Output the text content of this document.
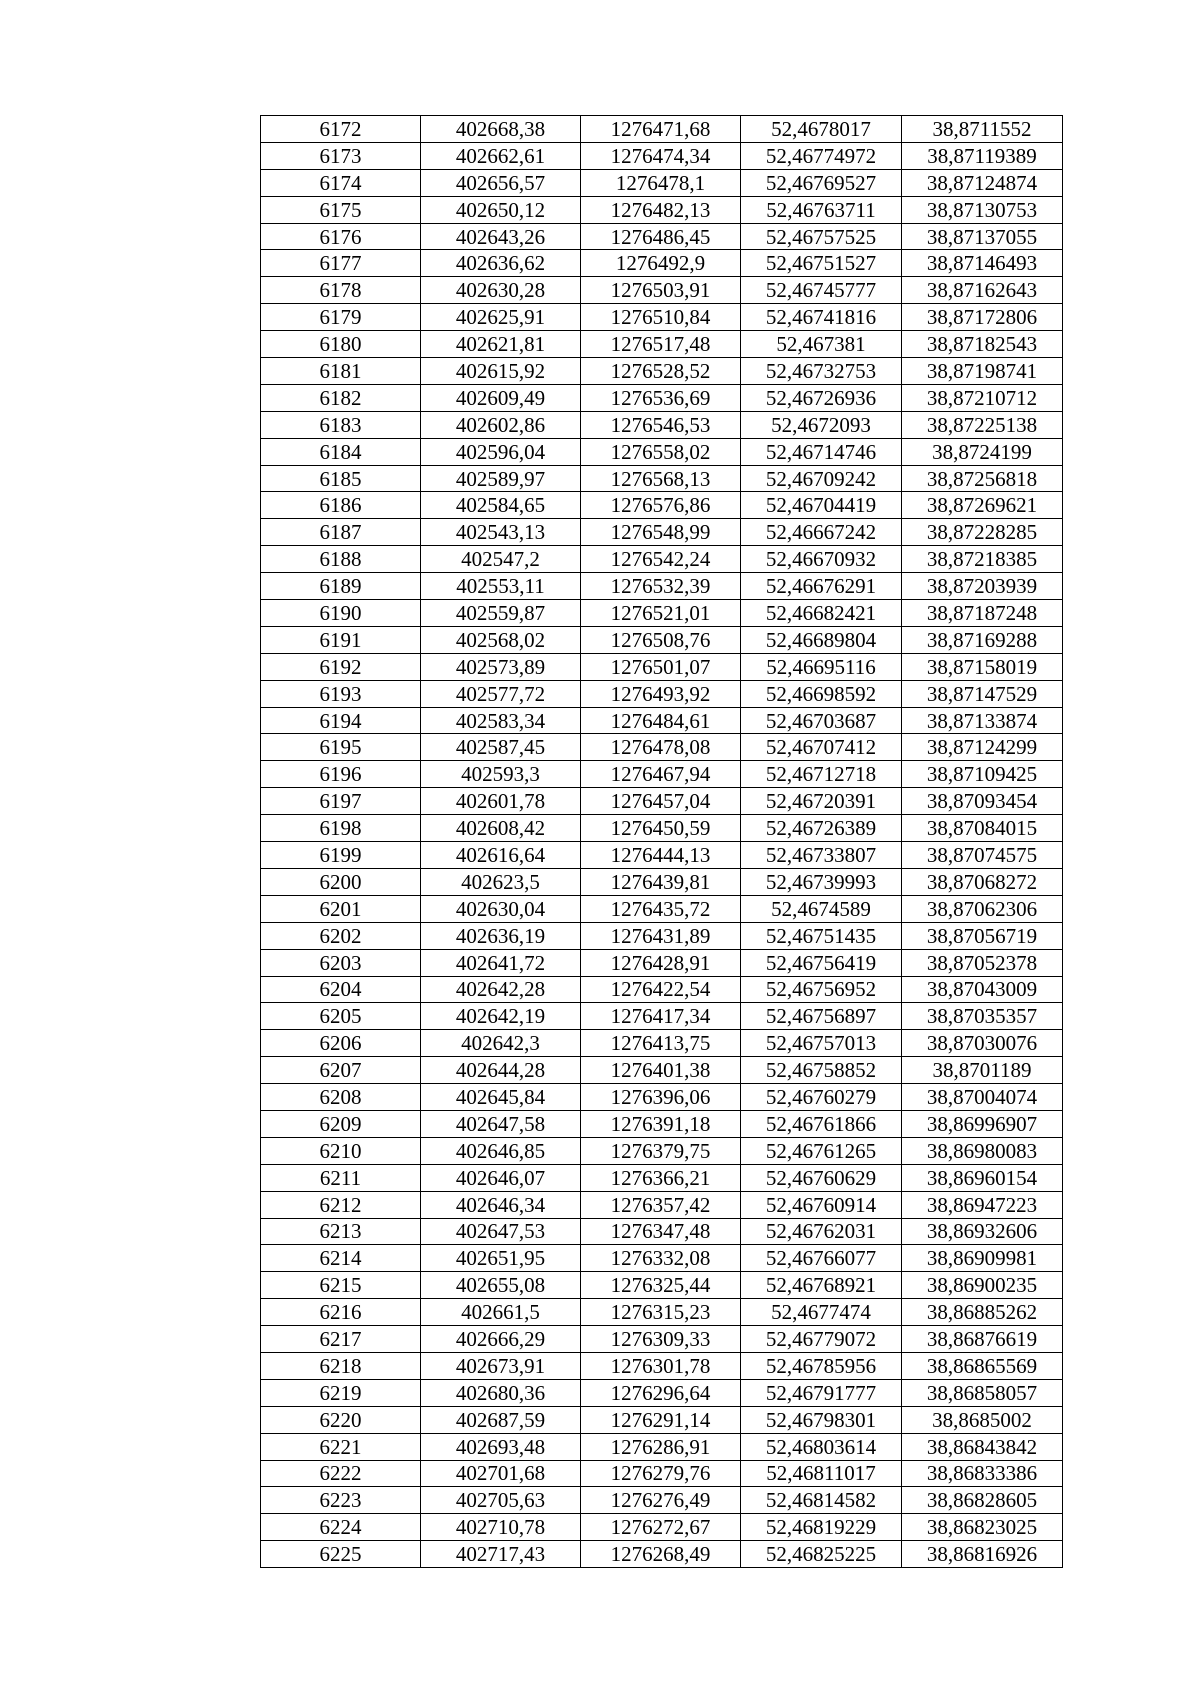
6172	402668,38	1276471,68	52,4678017	38,8711552
6173	402662,61	1276474,34	52,46774972	38,87119389
6174	402656,57	1276478,1	52,46769527	38,87124874
6175	402650,12	1276482,13	52,46763711	38,87130753
6176	402643,26	1276486,45	52,46757525	38,87137055
6177	402636,62	1276492,9	52,46751527	38,87146493
6178	402630,28	1276503,91	52,46745777	38,87162643
6179	402625,91	1276510,84	52,46741816	38,87172806
6180	402621,81	1276517,48	52,467381	38,87182543
6181	402615,92	1276528,52	52,46732753	38,87198741
6182	402609,49	1276536,69	52,46726936	38,87210712
6183	402602,86	1276546,53	52,4672093	38,87225138
6184	402596,04	1276558,02	52,46714746	38,8724199
6185	402589,97	1276568,13	52,46709242	38,87256818
6186	402584,65	1276576,86	52,46704419	38,87269621
6187	402543,13	1276548,99	52,46667242	38,87228285
6188	402547,2	1276542,24	52,46670932	38,87218385
6189	402553,11	1276532,39	52,46676291	38,87203939
6190	402559,87	1276521,01	52,46682421	38,87187248
6191	402568,02	1276508,76	52,46689804	38,87169288
6192	402573,89	1276501,07	52,46695116	38,87158019
6193	402577,72	1276493,92	52,46698592	38,87147529
6194	402583,34	1276484,61	52,46703687	38,87133874
6195	402587,45	1276478,08	52,46707412	38,87124299
6196	402593,3	1276467,94	52,46712718	38,87109425
6197	402601,78	1276457,04	52,46720391	38,87093454
6198	402608,42	1276450,59	52,46726389	38,87084015
6199	402616,64	1276444,13	52,46733807	38,87074575
6200	402623,5	1276439,81	52,46739993	38,87068272
6201	402630,04	1276435,72	52,4674589	38,87062306
6202	402636,19	1276431,89	52,46751435	38,87056719
6203	402641,72	1276428,91	52,46756419	38,87052378
6204	402642,28	1276422,54	52,46756952	38,87043009
6205	402642,19	1276417,34	52,46756897	38,87035357
6206	402642,3	1276413,75	52,46757013	38,87030076
6207	402644,28	1276401,38	52,46758852	38,8701189
6208	402645,84	1276396,06	52,46760279	38,87004074
6209	402647,58	1276391,18	52,46761866	38,86996907
6210	402646,85	1276379,75	52,46761265	38,86980083
6211	402646,07	1276366,21	52,46760629	38,86960154
6212	402646,34	1276357,42	52,46760914	38,86947223
6213	402647,53	1276347,48	52,46762031	38,86932606
6214	402651,95	1276332,08	52,46766077	38,86909981
6215	402655,08	1276325,44	52,46768921	38,86900235
6216	402661,5	1276315,23	52,4677474	38,86885262
6217	402666,29	1276309,33	52,46779072	38,86876619
6218	402673,91	1276301,78	52,46785956	38,86865569
6219	402680,36	1276296,64	52,46791777	38,86858057
6220	402687,59	1276291,14	52,46798301	38,8685002
6221	402693,48	1276286,91	52,46803614	38,86843842
6222	402701,68	1276279,76	52,46811017	38,86833386
6223	402705,63	1276276,49	52,46814582	38,86828605
6224	402710,78	1276272,67	52,46819229	38,86823025
6225	402717,43	1276268,49	52,46825225	38,86816926
